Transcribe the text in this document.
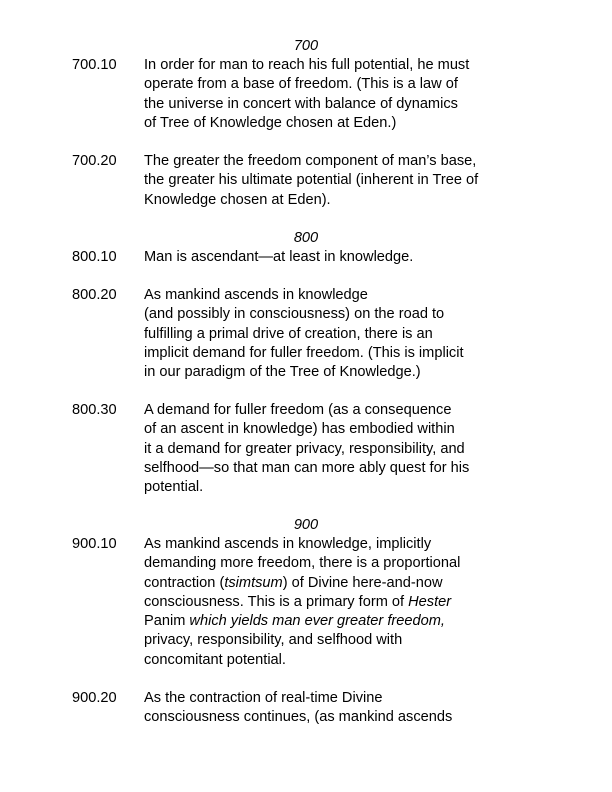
700
700.10	In order for man to reach his full potential, he must
operate from a base of freedom. (This is a law of
the universe in concert with balance of dynamics
of Tree of Knowledge chosen at Eden.)
700.20	The greater the freedom component of man’s base,
the greater his ultimate potential (inherent in Tree of
Knowledge chosen at Eden).
800
800.10	Man is ascendant—at least in knowledge.
800.20	As mankind ascends in knowledge
(and possibly in consciousness) on the road to
fulfilling a primal drive of creation, there is an
implicit demand for fuller freedom. (This is implicit
in our paradigm of the Tree of Knowledge.)
800.30	A demand for fuller freedom (as a consequence
of an ascent in knowledge) has embodied within
it a demand for greater privacy, responsibility, and
selfhood—so that man can more ably quest for his
potential.
900
900.10	As mankind ascends in knowledge, implicitly
demanding more freedom, there is a proportional
contraction (tsimtsum) of Divine here-and-now
consciousness. This is a primary form of Hester
Panim which yields man ever greater freedom,
privacy, responsibility, and selfhood with
concomitant potential.
900.20	As the contraction of real-time Divine
consciousness continues, (as mankind ascends
